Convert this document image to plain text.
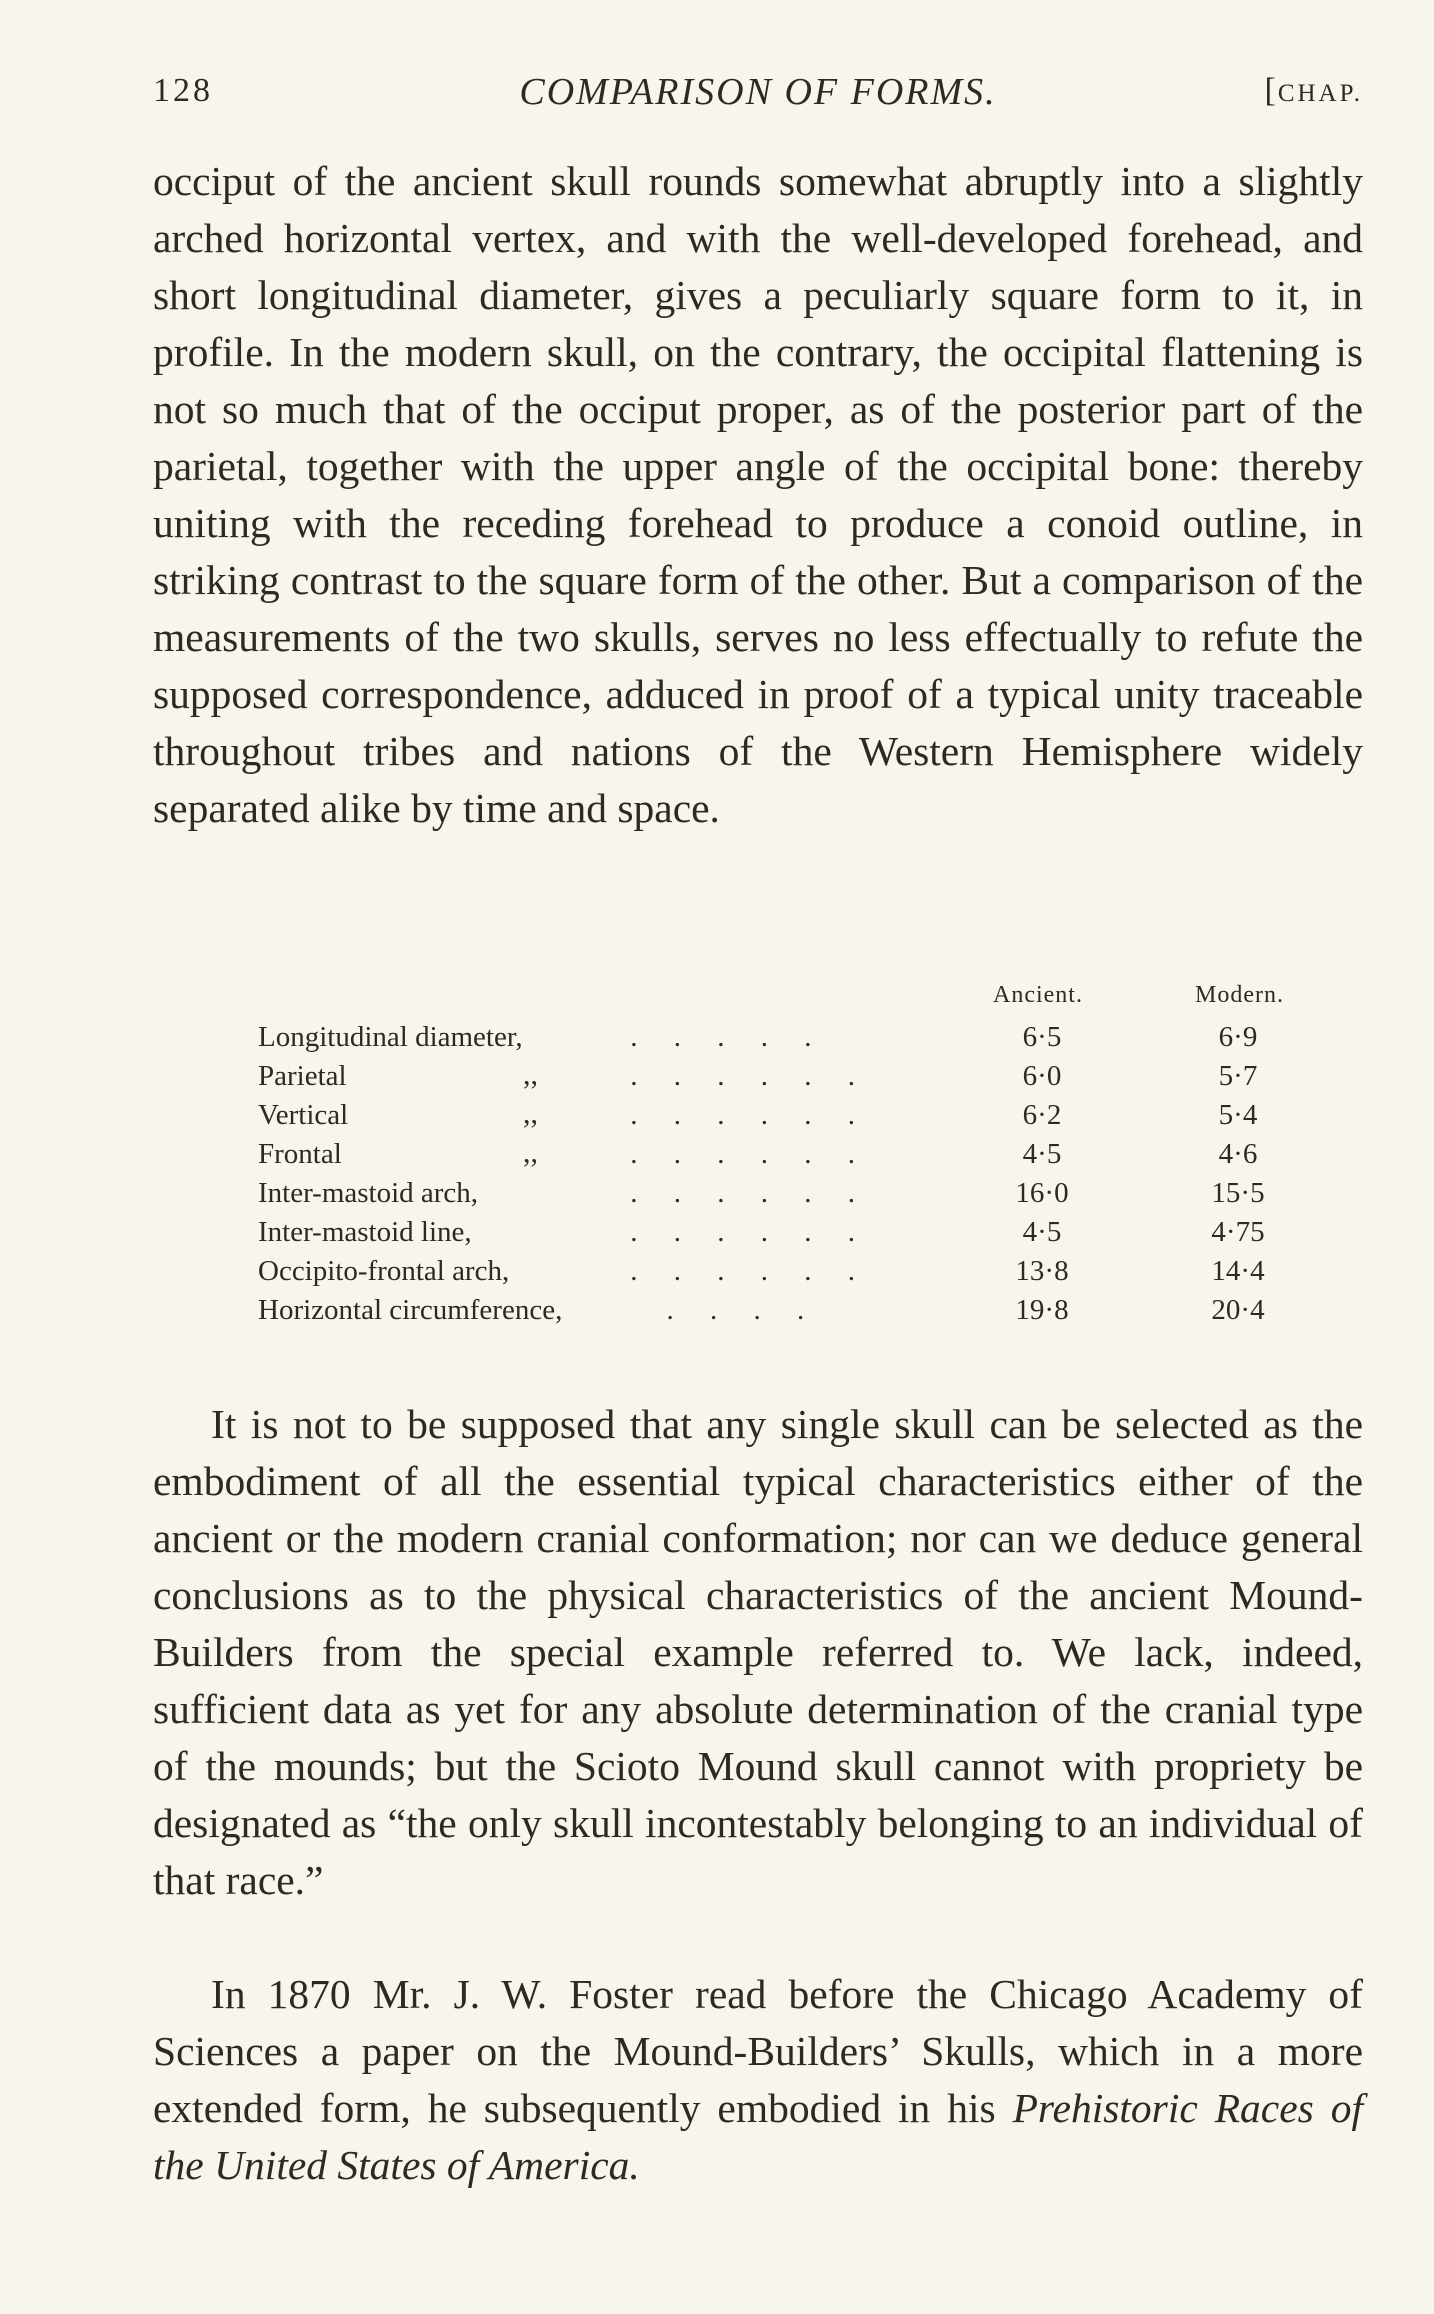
128	COMPARISON OF FORMS.	[CHAP.

occiput of the ancient skull rounds somewhat abruptly into a slightly arched horizontal vertex, and with the well-developed forehead, and short longitudinal diameter, gives a peculiarly square form to it, in profile. In the modern skull, on the contrary, the occipital flattening is not so much that of the occiput proper, as of the posterior part of the parietal, together with the upper angle of the occipital bone: thereby uniting with the receding forehead to produce a conoid outline, in striking contrast to the square form of the other. But a comparison of the measurements of the two skulls, serves no less effectually to refute the supposed correspondence, adduced in proof of a typical unity traceable throughout tribes and nations of the Western Hemisphere widely separated alike by time and space.

Ancient.	Modern.
Longitudinal diameter,	.     .     .     .     .	6·5	6·9
Parietal	,,	.     .     .     .     .     .	6·0	5·7
Vertical	,,	.     .     .     .     .     .	6·2	5·4
Frontal	,,	.     .     .     .     .     .	4·5	4·6
Inter-mastoid arch,	.     .     .     .     .     .	16·0	15·5
Inter-mastoid line,	.     .     .     .     .     .	4·5	4·75
Occipito-frontal arch,	.     .     .     .     .     .	13·8	14·4
Horizontal circumference, .     .     .     .	19·8	20·4

It is not to be supposed that any single skull can be selected as the embodiment of all the essential typical characteristics either of the ancient or the modern cranial conformation; nor can we deduce general conclusions as to the physical characteristics of the ancient Mound-Builders from the special example referred to. We lack, indeed, sufficient data as yet for any absolute determination of the cranial type of the mounds; but the Scioto Mound skull cannot with propriety be designated as “the only skull incontestably belonging to an individual of that race.”

In 1870 Mr. J. W. Foster read before the Chicago Academy of Sciences a paper on the Mound-Builders’ Skulls, which in a more extended form, he subsequently embodied in his Prehistoric Races of the United States of America.
